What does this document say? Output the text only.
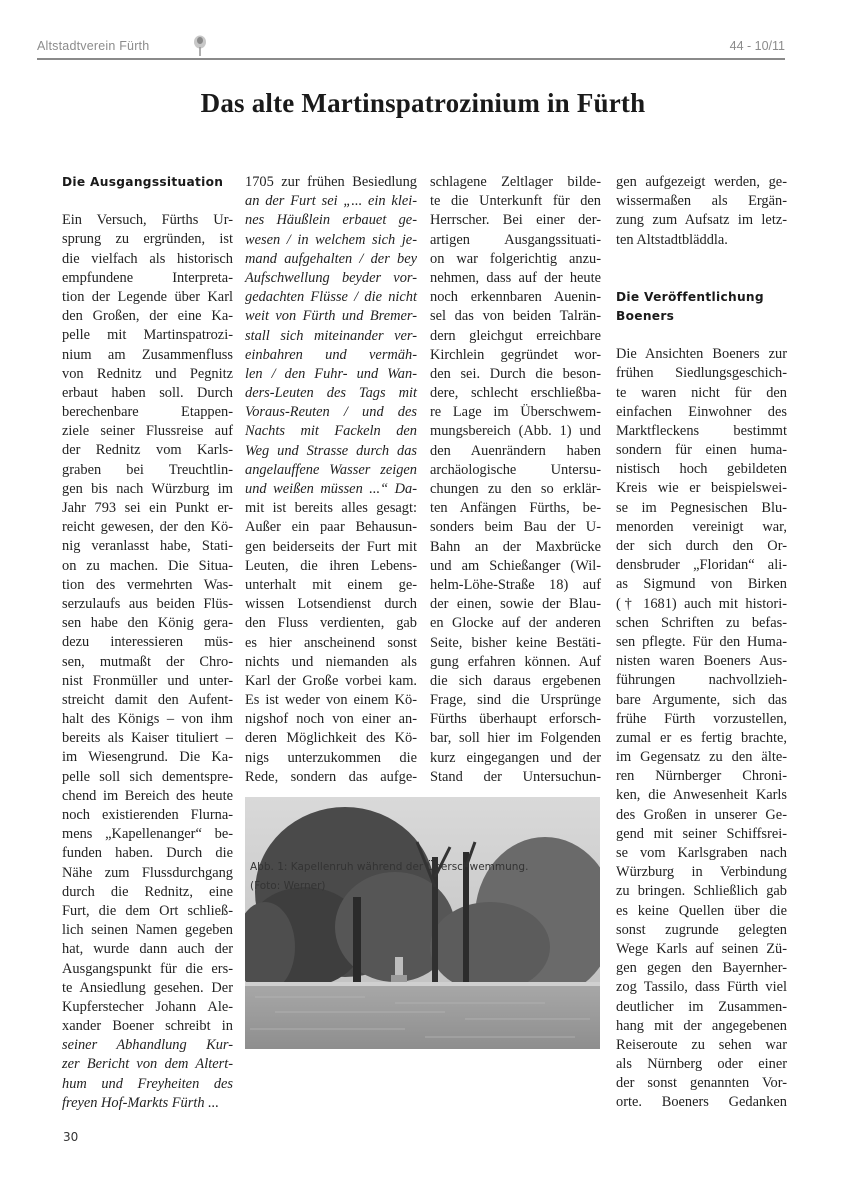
Altstadtverein Fürth	44 - 10/11
Das alte Martinspatrozinium in Fürth
Die Ausgangssituation
Ein Versuch, Fürths Ur-
sprung zu ergründen, ist
die vielfach als historisch
empfundene Interpreta-
tion der Legende über Karl
den Großen, der eine Ka-
pelle mit Martinspatrozi-
nium am Zusammenfluss
von Rednitz und Pegnitz
erbaut haben soll. Durch
berechenbare Etappen-
ziele seiner Flussreise auf
der Rednitz vom Karls-
graben bei Treuchtlin-
gen bis nach Würzburg im
Jahr 793 sei ein Punkt er-
reicht gewesen, der den Kö-
nig veranlasst habe, Stati-
on zu machen. Die Situa-
tion des vermehrten Was-
serzulaufs aus beiden Flüs-
sen habe den König gera-
dezu interessieren müs-
sen, mutmaßt der Chro-
nist Fronmüller und unter-
streicht damit den Aufent-
halt des Königs – von ihm
bereits als Kaiser tituliert –
im Wiesengrund. Die Ka-
pelle soll sich dementspre-
chend im Bereich des heute
noch existierenden Flurna-
mens „Kapellenanger“ be-
funden haben. Durch die
Nähe zum Flussdurchgang
durch die Rednitz, eine
Furt, die dem Ort schließ-
lich seinen Namen gegeben
hat, wurde dann auch der
Ausgangspunkt für die ers-
te Ansiedlung gesehen. Der
Kupferstecher Johann Ale-
xander Boener schreibt in
seiner Abhandlung Kur-
zer Bericht von dem Altert-
hum und Freyheiten des
freyen Hof-Markts Fürth ...
1705 zur frühen Besiedlung
an der Furt sei „... ein klei-
nes Häußlein erbauet ge-
wesen / in welchem sich je-
mand aufgehalten / der bey
Aufschwellung beyder vor-
gedachten Flüsse / die nicht
weit von Fürth und Bremer-
stall sich miteinander ver-
einbahren und vermäh-
len / den Fuhr- und Wan-
ders-Leuten des Tags mit
Voraus-Reuten / und des
Nachts mit Fackeln den
Weg und Strasse durch das
angelauffene Wasser zeigen
und weißen müssen ...“ Da-
mit ist bereits alles gesagt:
Außer ein paar Behausun-
gen beiderseits der Furt mit
Leuten, die ihren Lebens-
unterhalt mit einem ge-
wissen Lotsendienst durch
den Fluss verdienten, gab
es hier anscheinend sonst
nichts und niemanden als
Karl der Große vorbei kam.
Es ist weder von einem Kö-
nigshof noch von einer an-
deren Möglichkeit des Kö-
nigs unterzukommen die
Rede, sondern das aufge-
schlagene Zeltlager bilde-
te die Unterkunft für den
Herrscher. Bei einer der-
artigen Ausgangssituati-
on war folgerichtig anzu-
nehmen, dass auf der heute
noch erkennbaren Auenin-
sel das von beiden Talrän-
dern gleichgut erreichbare
Kirchlein gegründet wor-
den sei. Durch die beson-
dere, schlecht erschließba-
re Lage im Überschwem-
mungsbereich (Abb. 1) und
den Auenrändern haben
archäologische Untersu-
chungen zu den so erklär-
ten Anfängen Fürths, be-
sonders beim Bau der U-
Bahn an der Maxbrücke
und am Schießanger (Wil-
helm-Löhe-Straße 18) auf
der einen, sowie der Blau-
en Glocke auf der anderen
Seite, bisher keine Bestäti-
gung erfahren können. Auf
die sich daraus ergebenen
Frage, sind die Ursprünge
Fürths überhaupt erforsch-
bar, soll hier im Folgenden
kurz eingegangen und der
Stand der Untersuchun-
gen aufgezeigt werden, ge-
wissermaßen als Ergän-
zung zum Aufsatz im letz-
ten Altstadtbläddla.
Die Veröffentlichung
Boeners
Die Ansichten Boeners zur
frühen Siedlungsgeschich-
te waren nicht für den
einfachen Einwohner des
Marktfleckens bestimmt
sondern für einen huma-
nistisch hoch gebildeten
Kreis wie er beispielswei-
se im Pegnesischen Blu-
menorden vereinigt war,
der sich durch den Or-
densbruder „Floridan“ ali-
as Sigmund von Birken
(† 1681) auch mit histori-
schen Schriften zu befas-
sen pflegte. Für den Huma-
nisten waren Boeners Aus-
führungen nachvollzieh-
bare Argumente, sich das
frühe Fürth vorzustellen,
zumal er es fertig brachte,
im Gegensatz zu den älte-
ren Nürnberger Chroni-
ken, die Anwesenheit Karls
des Großen in unserer Ge-
gend mit seiner Schiffsrei-
se vom Karlsgraben nach
Würzburg in Verbindung
zu bringen. Schließlich gab
es keine Quellen über die
sonst zugrunde gelegten
Wege Karls auf seinen Zü-
gen gegen den Bayernher-
zog Tassilo, dass Fürth viel
deutlicher im Zusammen-
hang mit der angegebenen
Reiseroute zu sehen war
als Nürnberg oder einer
der sonst genannten Vor-
orte. Boeners Gedanken
Abb. 1: Kapellenruh während der Überschwemmung.
(Foto: Werner)
30
